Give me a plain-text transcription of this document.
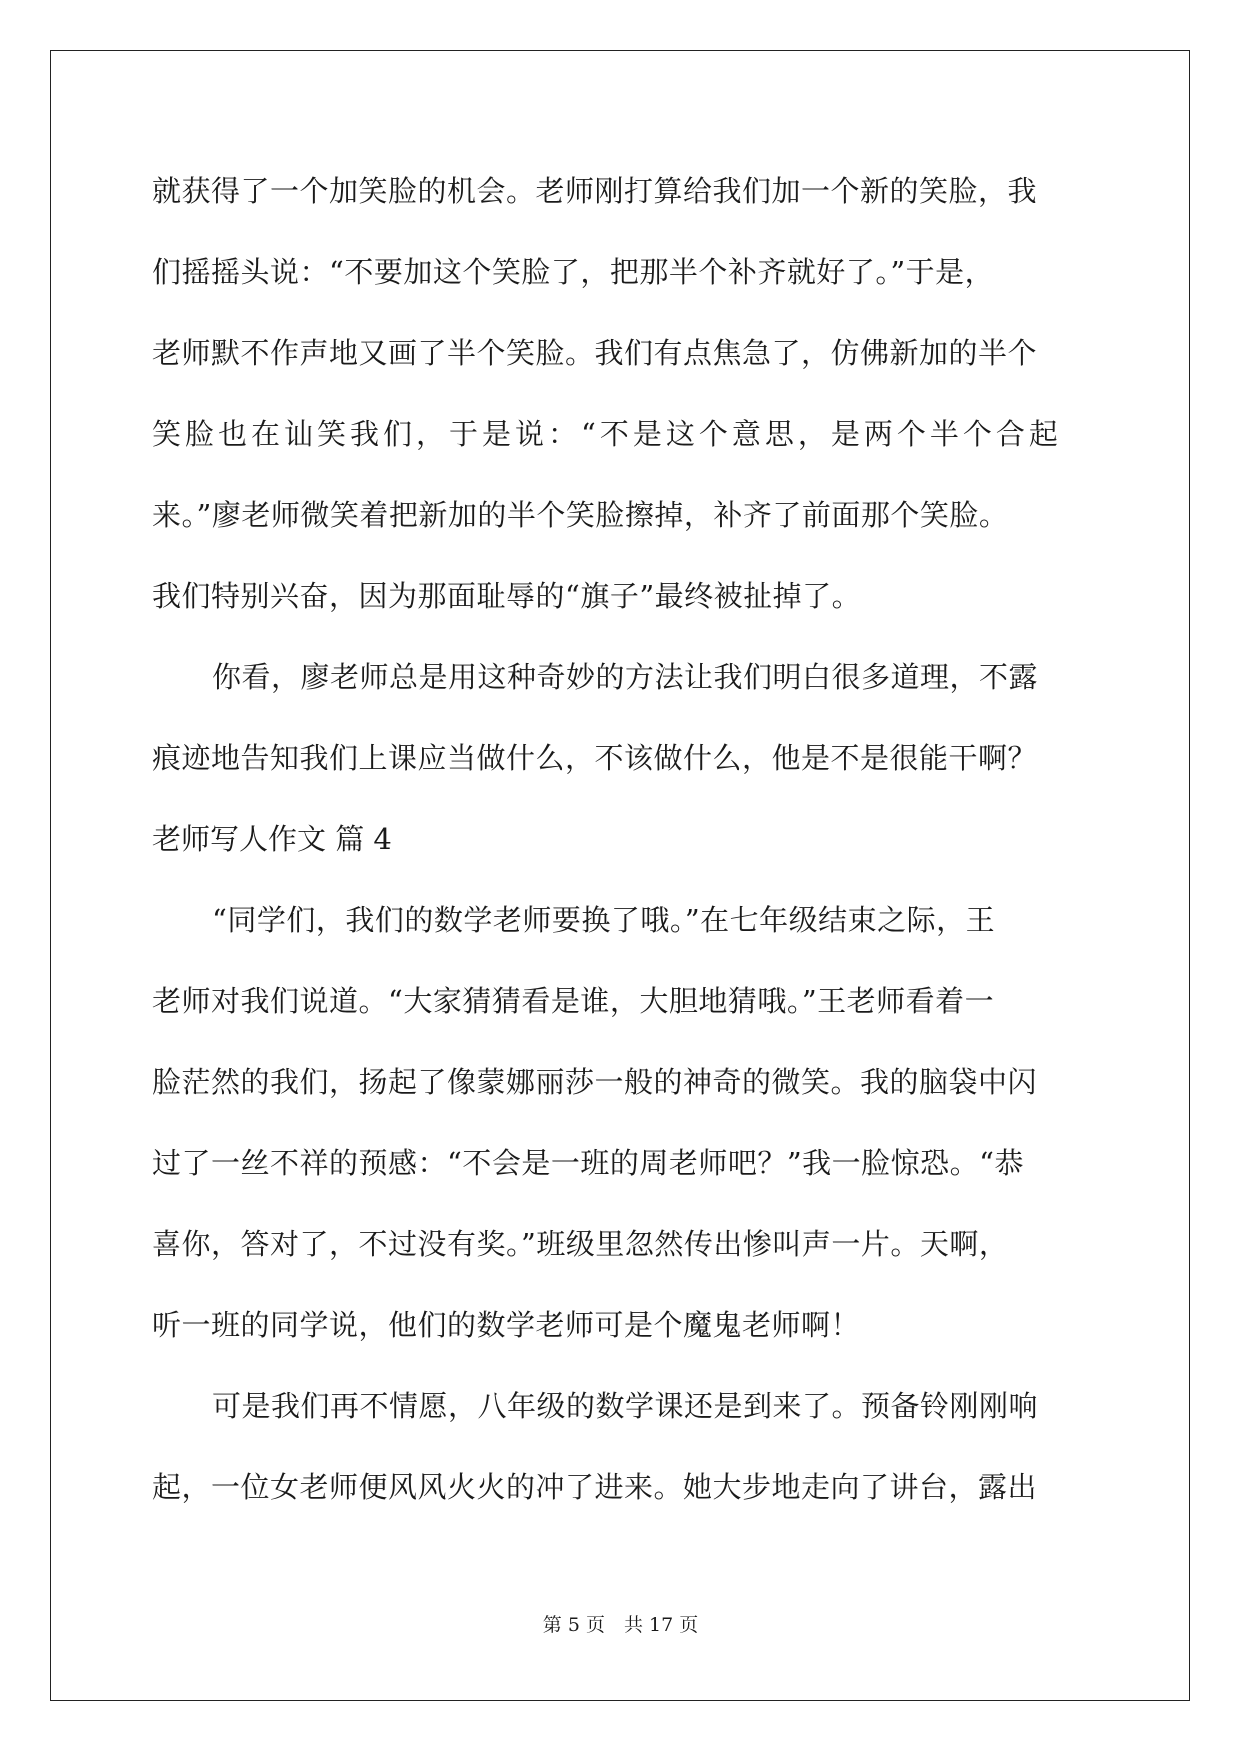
就获得了一个加笑脸的机会。老师刚打算给我们加一个新的笑脸，我
们摇摇头说：“不要加这个笑脸了，把那半个补齐就好了。”于是，
老师默不作声地又画了半个笑脸。我们有点焦急了，仿佛新加的半个
笑脸也在讪笑我们，于是说：“不是这个意思，是两个半个合起
来。”廖老师微笑着把新加的半个笑脸擦掉，补齐了前面那个笑脸。
我们特别兴奋，因为那面耻辱的“旗子”最终被扯掉了。
你看，廖老师总是用这种奇妙的方法让我们明白很多道理，不露
痕迹地告知我们上课应当做什么，不该做什么，他是不是很能干啊？
老师写人作文 篇 4
“同学们，我们的数学老师要换了哦。”在七年级结束之际，王
老师对我们说道。“大家猜猜看是谁，大胆地猜哦。”王老师看着一
脸茫然的我们，扬起了像蒙娜丽莎一般的神奇的微笑。我的脑袋中闪
过了一丝不祥的预感：“不会是一班的周老师吧？”我一脸惊恐。“恭
喜你，答对了，不过没有奖。”班级里忽然传出惨叫声一片。天啊，
听一班的同学说，他们的数学老师可是个魔鬼老师啊！
可是我们再不情愿，八年级的数学课还是到来了。预备铃刚刚响
起，一位女老师便风风火火的冲了进来。她大步地走向了讲台，露出
第 5 页　共 17 页
